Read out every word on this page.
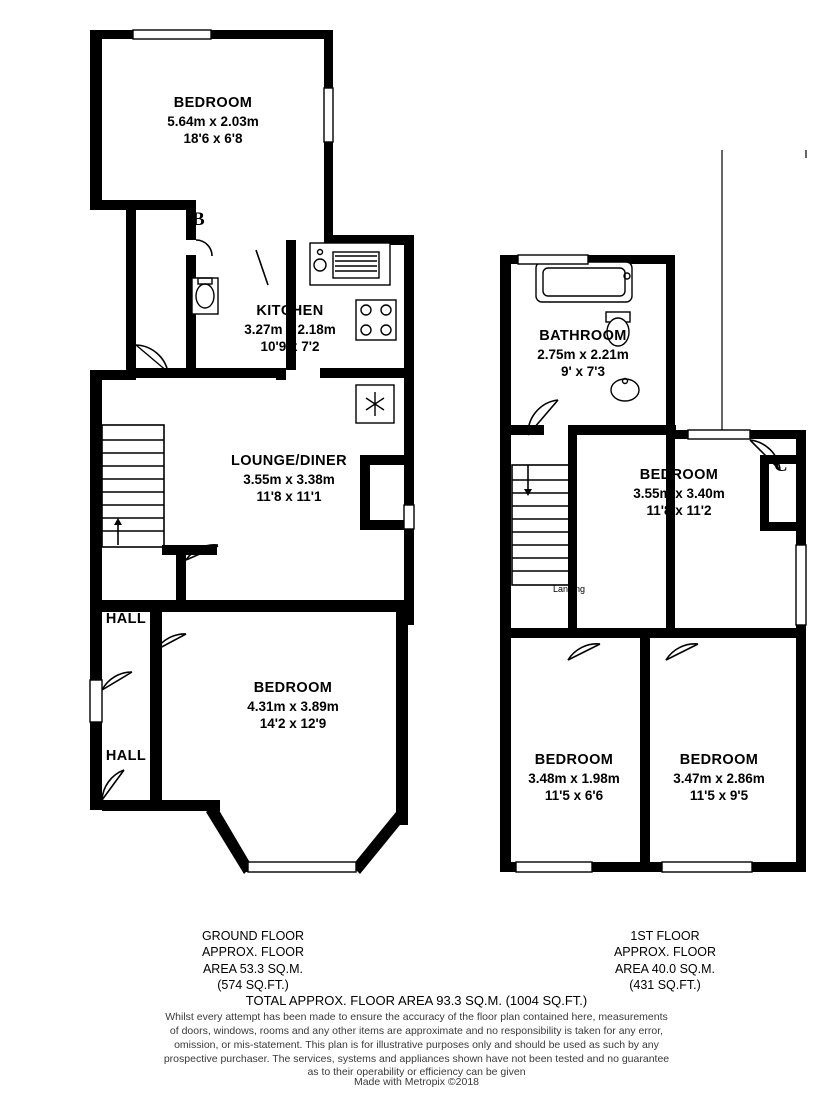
BEDROOM
5.64m x 2.03m
18'6 x 6'8
B
KITCHEN
3.27m x 2.18m
10'9 x 7'2
LOUNGE/DINER
3.55m x 3.38m
11'8 x 11'1
HALL
HALL
BEDROOM
4.31m x 3.89m
14'2 x 12'9
BATHROOM
2.75m x 2.21m
9' x 7'3
C
Landing
BEDROOM
3.55m x 3.40m
11'8 x 11'2
BEDROOM
3.48m x 1.98m
11'5 x 6'6
BEDROOM
3.47m x 2.86m
11'5 x 9'5
GROUND FLOOR
APPROX. FLOOR
AREA 53.3 SQ.M.
(574 SQ.FT.)
1ST FLOOR
APPROX. FLOOR
AREA 40.0 SQ.M.
(431 SQ.FT.)
TOTAL APPROX. FLOOR AREA 93.3 SQ.M. (1004 SQ.FT.)
Whilst every attempt has been made to ensure the accuracy of the floor plan contained here, measurements
of doors, windows, rooms and any other items are approximate and no responsibility is taken for any error,
omission, or mis-statement. This plan is for illustrative purposes only and should be used as such by any
prospective purchaser. The services, systems and appliances shown have not been tested and no guarantee
as to their operability or efficiency can be given
Made with Metropix ©2018
